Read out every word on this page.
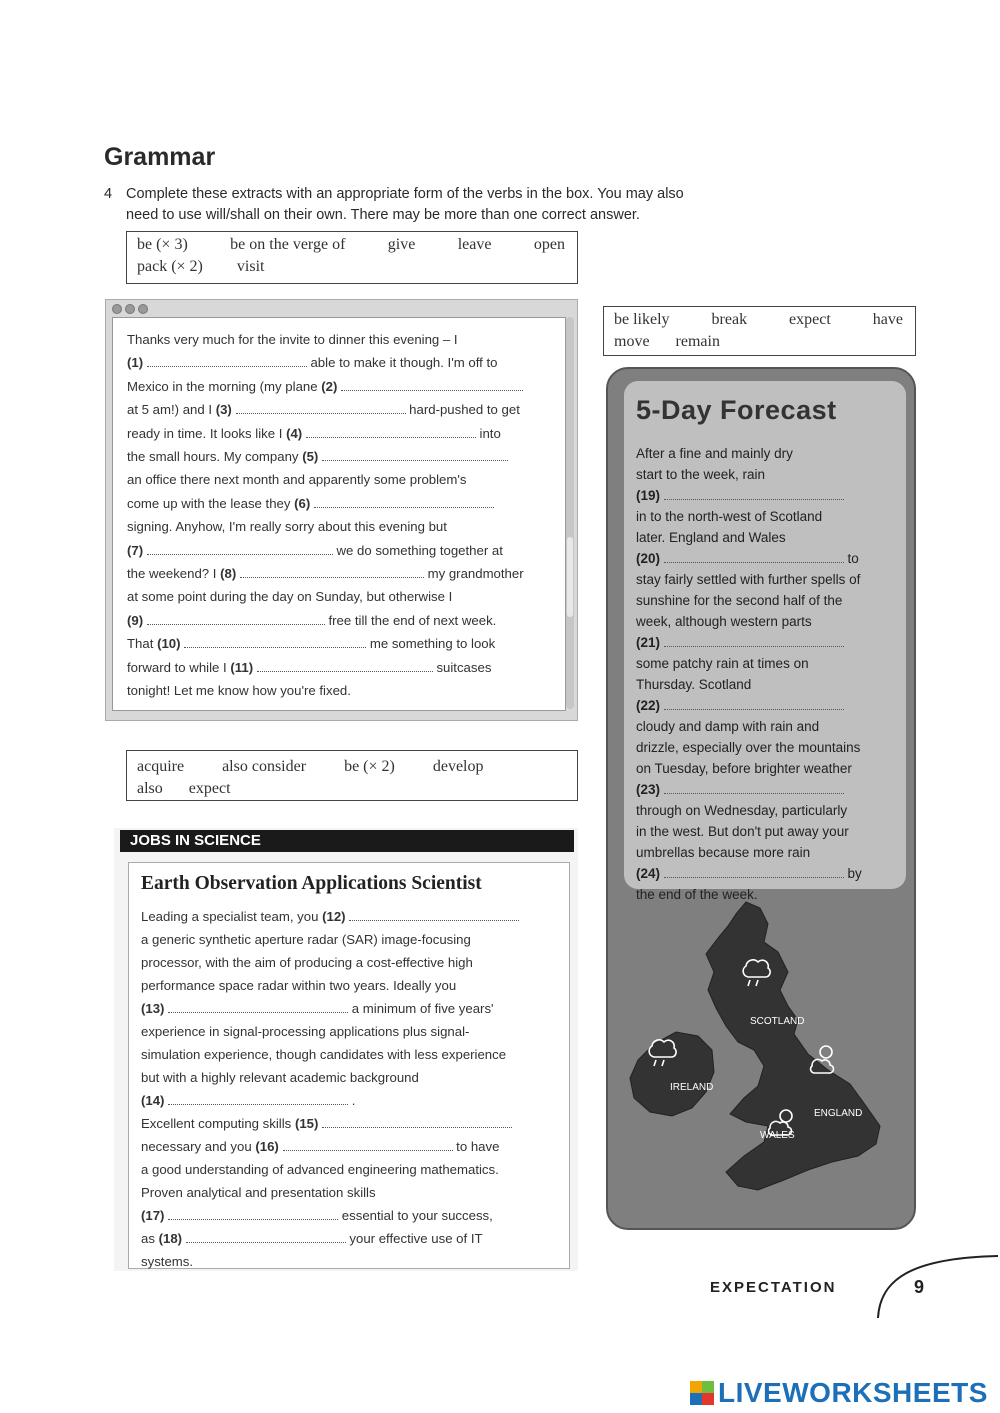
Grammar
4 Complete these extracts with an appropriate form of the verbs in the box. You may also
need to use will/shall on their own. There may be more than one correct answer.
be (× 3)	be on the verge of	give	leave	open
pack (× 2) visit
Thanks very much for the invite to dinner this evening – I
(1)	able to make it though. I'm off to
Mexico in the morning (my plane (2)
at 5 am!) and I (3)	hard-pushed to get
ready in time. It looks like I (4)	into
the small hours. My company (5)
an office there next month and apparently some problem's
come up with the lease they (6)
signing. Anyhow, I'm really sorry about this evening but
(7)	we do something together at
the weekend? I (8)	my grandmother
at some point during the day on Sunday, but otherwise I
(9)	free till the end of next week.
That (10)	me something to look
forward to while I (11)	suitcases
tonight! Let me know how you're fixed.
acquire also consider be (× 2) develop
also expect
JOBS IN SCIENCE
Earth Observation Applications Scientist
Leading a specialist team, you (12)
a generic synthetic aperture radar (SAR) image-focusing
processor, with the aim of producing a cost-effective high
performance space radar within two years. Ideally you
(13)	a minimum of five years'
experience in signal-processing applications plus signal-
simulation experience, though candidates with less experience
but with a highly relevant academic background
(14)	.
Excellent computing skills (15)
necessary and you (16)	to have
a good understanding of advanced engineering mathematics.
Proven analytical and presentation skills
(17)	essential to your success,
as (18)	your effective use of IT
systems.
be likely	break	expect	have
move remain
5-Day Forecast
After a fine and mainly dry
start to the week, rain
(19)
in to the north-west of Scotland
later. England and Wales
(20)	to
stay fairly settled with further spells of
sunshine for the second half of the
week, although western parts
(21)
some patchy rain at times on
Thursday. Scotland
(22)
cloudy and damp with rain and
drizzle, especially over the mountains
on Tuesday, before brighter weather
(23)
through on Wednesday, particularly
in the west. But don't put away your
umbrellas because more rain
(24)	by
the end of the week.
SCOTLAND
IRELAND
ENGLAND
WALES
EXPECTATION	9
LIVEWORKSHEETS
